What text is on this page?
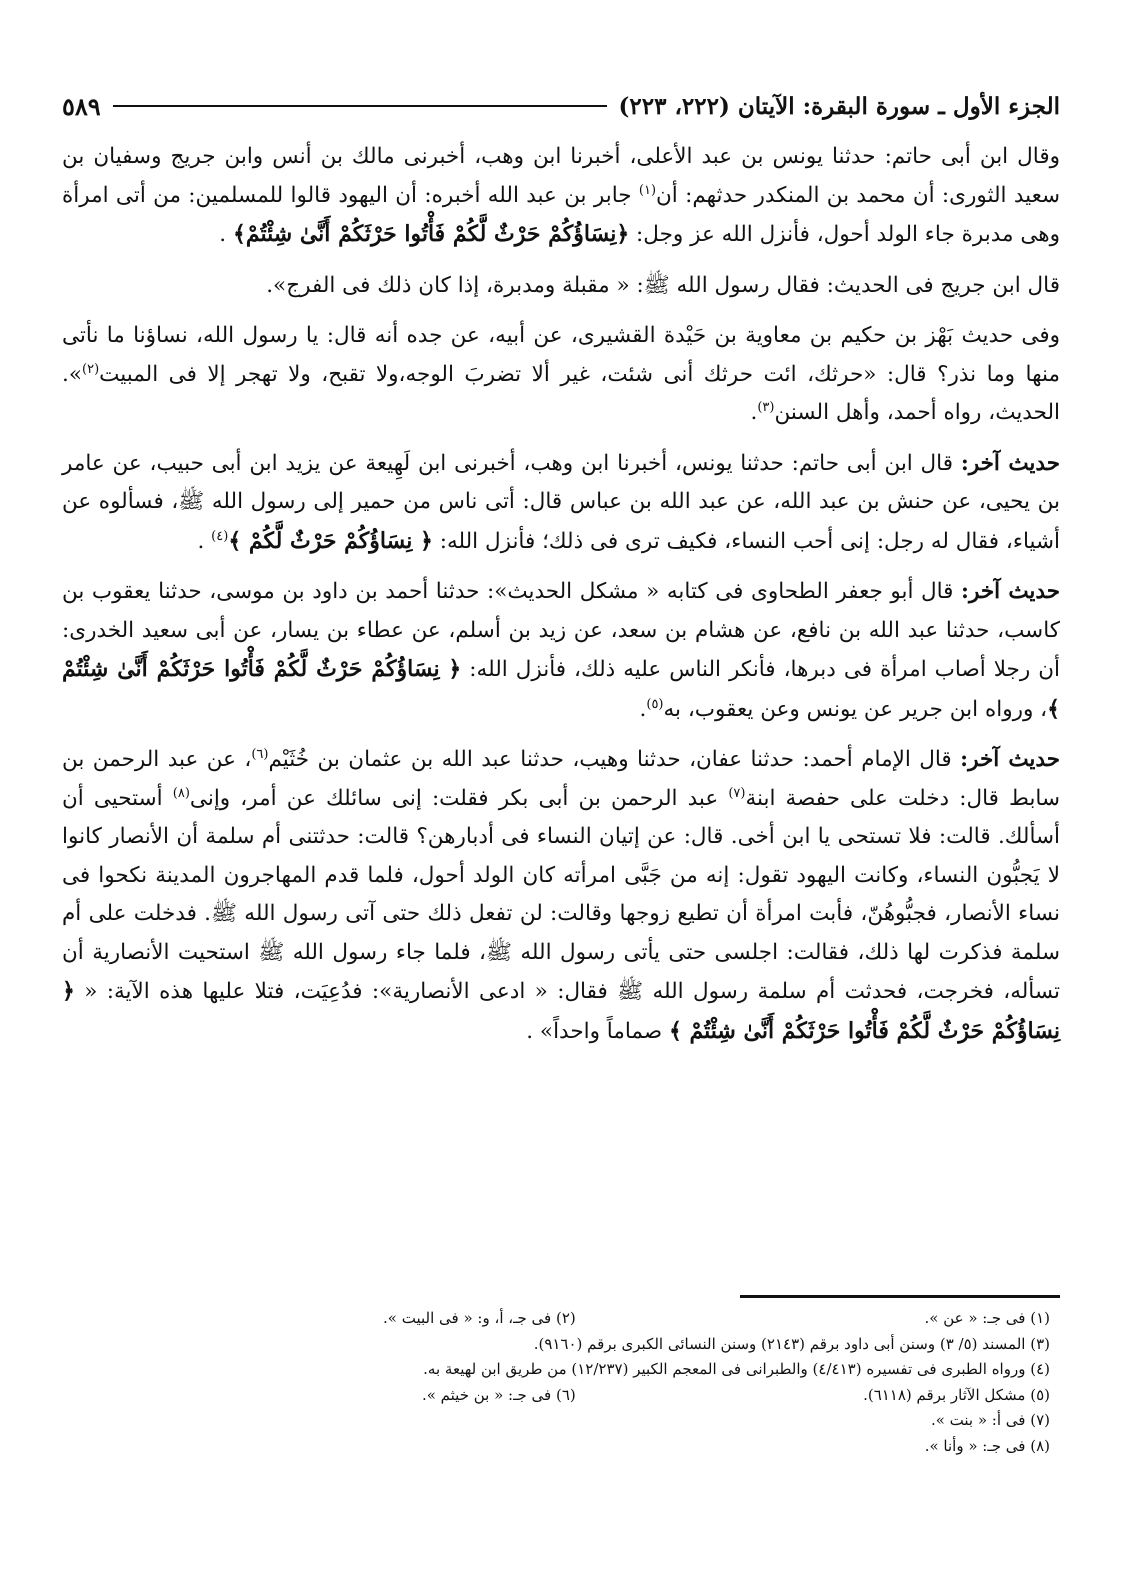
الجزء الأول ـ سورة البقرة: الآيتان (٢٢٢، ٢٢٣)
٥٨٩

وقال ابن أبى حاتم: حدثنا يونس بن عبد الأعلى، أخبرنا ابن وهب، أخبرنى مالك بن أنس وابن جريج وسفيان بن سعيد الثورى: أن محمد بن المنكدر حدثهم: أن$^{(١)}$ جابر بن عبد الله أخبره: أن اليهود قالوا للمسلمين: من أتى امرأة وهى مدبرة جاء الولد أحول، فأنزل الله عز وجل: ﴿نِسَاؤُكُمْ حَرْثٌ لَّكُمْ فَأْتُوا حَرْثَكُمْ أَنَّىٰ شِئْتُمْ﴾ .

قال ابن جريج فى الحديث: فقال رسول الله ﷺ: « مقبلة ومدبرة، إذا كان ذلك فى الفرج».

وفى حديث بَهْز بن حكيم بن معاوية بن حَيْدة القشيرى، عن أبيه، عن جده أنه قال: يا رسول الله، نساؤنا ما نأتى منها وما نذر؟ قال: «حرثك، ائت حرثك أنى شئت، غير ألا تضربَ الوجه،ولا تقبح، ولا تهجر إلا فى المبيت$^{(٢)}$». الحديث، رواه أحمد، وأهل السنن$^{(٣)}$.

حديث آخر: قال ابن أبى حاتم: حدثنا يونس، أخبرنا ابن وهب، أخبرنى ابن لَهِيعة عن يزيد ابن أبى حبيب، عن عامر بن يحيى، عن حنش بن عبد الله، عن عبد الله بن عباس قال: أتى ناس من حمير إلى رسول الله ﷺ، فسألوه عن أشياء، فقال له رجل: إنى أحب النساء، فكيف ترى فى ذلك؛ فأنزل الله: ﴿ نِسَاؤُكُمْ حَرْثٌ لَّكُمْ ﴾$^{(٤)}$ .

حديث آخر: قال أبو جعفر الطحاوى فى كتابه « مشكل الحديث»: حدثنا أحمد بن داود بن موسى، حدثنا يعقوب بن كاسب، حدثنا عبد الله بن نافع، عن هشام بن سعد، عن زيد بن أسلم، عن عطاء بن يسار، عن أبى سعيد الخدرى: أن رجلا أصاب امرأة فى دبرها، فأنكر الناس عليه ذلك، فأنزل الله: ﴿ نِسَاؤُكُمْ حَرْثٌ لَّكُمْ فَأْتُوا حَرْثَكُمْ أَنَّىٰ شِئْتُمْ ﴾، ورواه ابن جرير عن يونس وعن يعقوب، به$^{(٥)}$.

حديث آخر: قال الإمام أحمد: حدثنا عفان، حدثنا وهيب، حدثنا عبد الله بن عثمان بن خُثَيْم$^{(٦)}$، عن عبد الرحمن بن سابط قال: دخلت على حفصة ابنة$^{(٧)}$ عبد الرحمن بن أبى بكر فقلت: إنى سائلك عن أمر، وإنى$^{(٨)}$ أستحيى أن أسألك. قالت: فلا تستحى يا ابن أخى. قال: عن إتيان النساء فى أدبارهن؟ قالت: حدثتنى أم سلمة أن الأنصار كانوا لا يَجبُّون النساء، وكانت اليهود تقول: إنه من جَبَّى امرأته كان الولد أحول، فلما قدم المهاجرون المدينة نكحوا فى نساء الأنصار، فجبُّوهُنّ، فأبت امرأة أن تطيع زوجها وقالت: لن تفعل ذلك حتى آتى رسول الله ﷺ. فدخلت على أم سلمة فذكرت لها ذلك، فقالت: اجلسى حتى يأتى رسول الله ﷺ، فلما جاء رسول الله ﷺ استحيت الأنصارية أن تسأله، فخرجت، فحدثت أم سلمة رسول الله ﷺ فقال: « ادعى الأنصارية»: فدُعِيَت، فتلا عليها هذه الآية: « ﴿ نِسَاؤُكُمْ حَرْثٌ لَّكُمْ فَأْتُوا حَرْثَكُمْ أَنَّىٰ شِئْتُمْ ﴾ صماماً واحداً» .

(١) فى جـ: « عن ».
(٢) فى جـ، أ، و: « فى البيت ».
(٣) المسند (٥/ ٣) وسنن أبى داود برقم (٢١٤٣) وسنن النسائى الكبرى برقم (٩١٦٠).
(٤) ورواه الطبرى فى تفسيره (٤/٤١٣) والطبرانى فى المعجم الكبير (١٢/٢٣٧) من طريق ابن لهيعة به.
(٥) مشكل الآثار برقم (٦١١٨).
(٦) فى جـ: « بن خيثم ».
(٧) فى أ: « بنت ».
(٨) فى جـ: « وأنا ».
